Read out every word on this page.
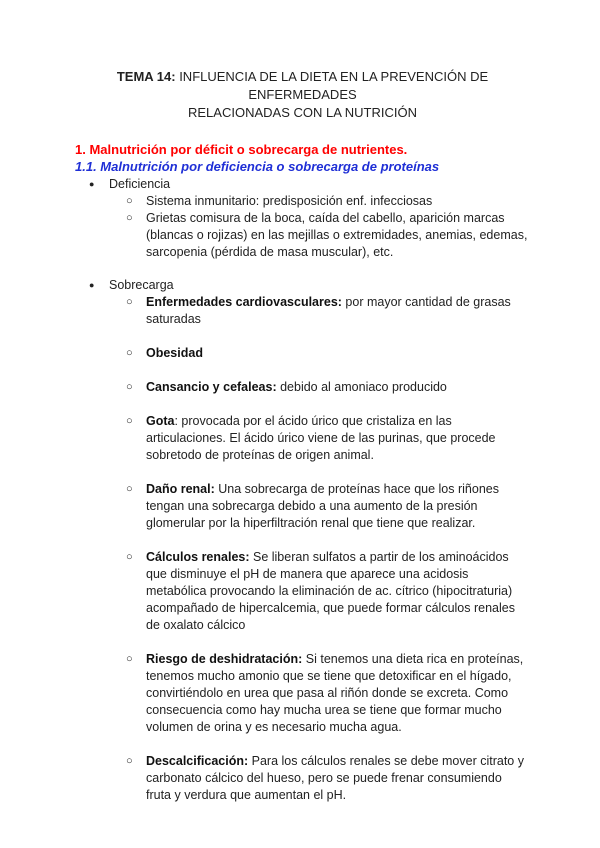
TEMA 14: INFLUENCIA DE LA DIETA EN LA PREVENCIÓN DE ENFERMEDADES
RELACIONADAS CON LA NUTRICIÓN
1. Malnutrición por déficit o sobrecarga de nutrientes.
1.1. Malnutrición por deficiencia o sobrecarga de proteínas
● Deficiencia
○ Sistema inmunitario: predisposición enf. infecciosas
○ Grietas comisura de la boca, caída del cabello, aparición marcas (blancas o rojizas) en las mejillas o extremidades, anemias, edemas, sarcopenia (pérdida de masa muscular), etc.
● Sobrecarga
○ Enfermedades cardiovasculares: por mayor cantidad de grasas saturadas
○ Obesidad
○ Cansancio y cefaleas: debido al amoniaco producido
○ Gota: provocada por el ácido úrico que cristaliza en las articulaciones. El ácido úrico viene de las purinas, que procede sobretodo de proteínas de origen animal.
○ Daño renal: Una sobrecarga de proteínas hace que los riñones tengan una sobrecarga debido a una aumento de la presión glomerular por la hiperfiltración renal que tiene que realizar.
○ Cálculos renales: Se liberan sulfatos a partir de los aminoácidos que disminuye el pH de manera que aparece una acidosis metabólica provocando la eliminación de ac. cítrico (hipocitraturia) acompañado de hipercalcemia, que puede formar cálculos renales de oxalato cálcico
○ Riesgo de deshidratación: Si tenemos una dieta rica en proteínas, tenemos mucho amonio que se tiene que detoxificar en el hígado, convirtiéndolo en urea que pasa al riñón donde se excreta. Como consecuencia como hay mucha urea se tiene que formar mucho volumen de orina y es necesario mucha agua.
○ Descalcificación: Para los cálculos renales se debe mover citrato y carbonato cálcico del hueso, pero se puede frenar consumiendo fruta y verdura que aumentan el pH.
